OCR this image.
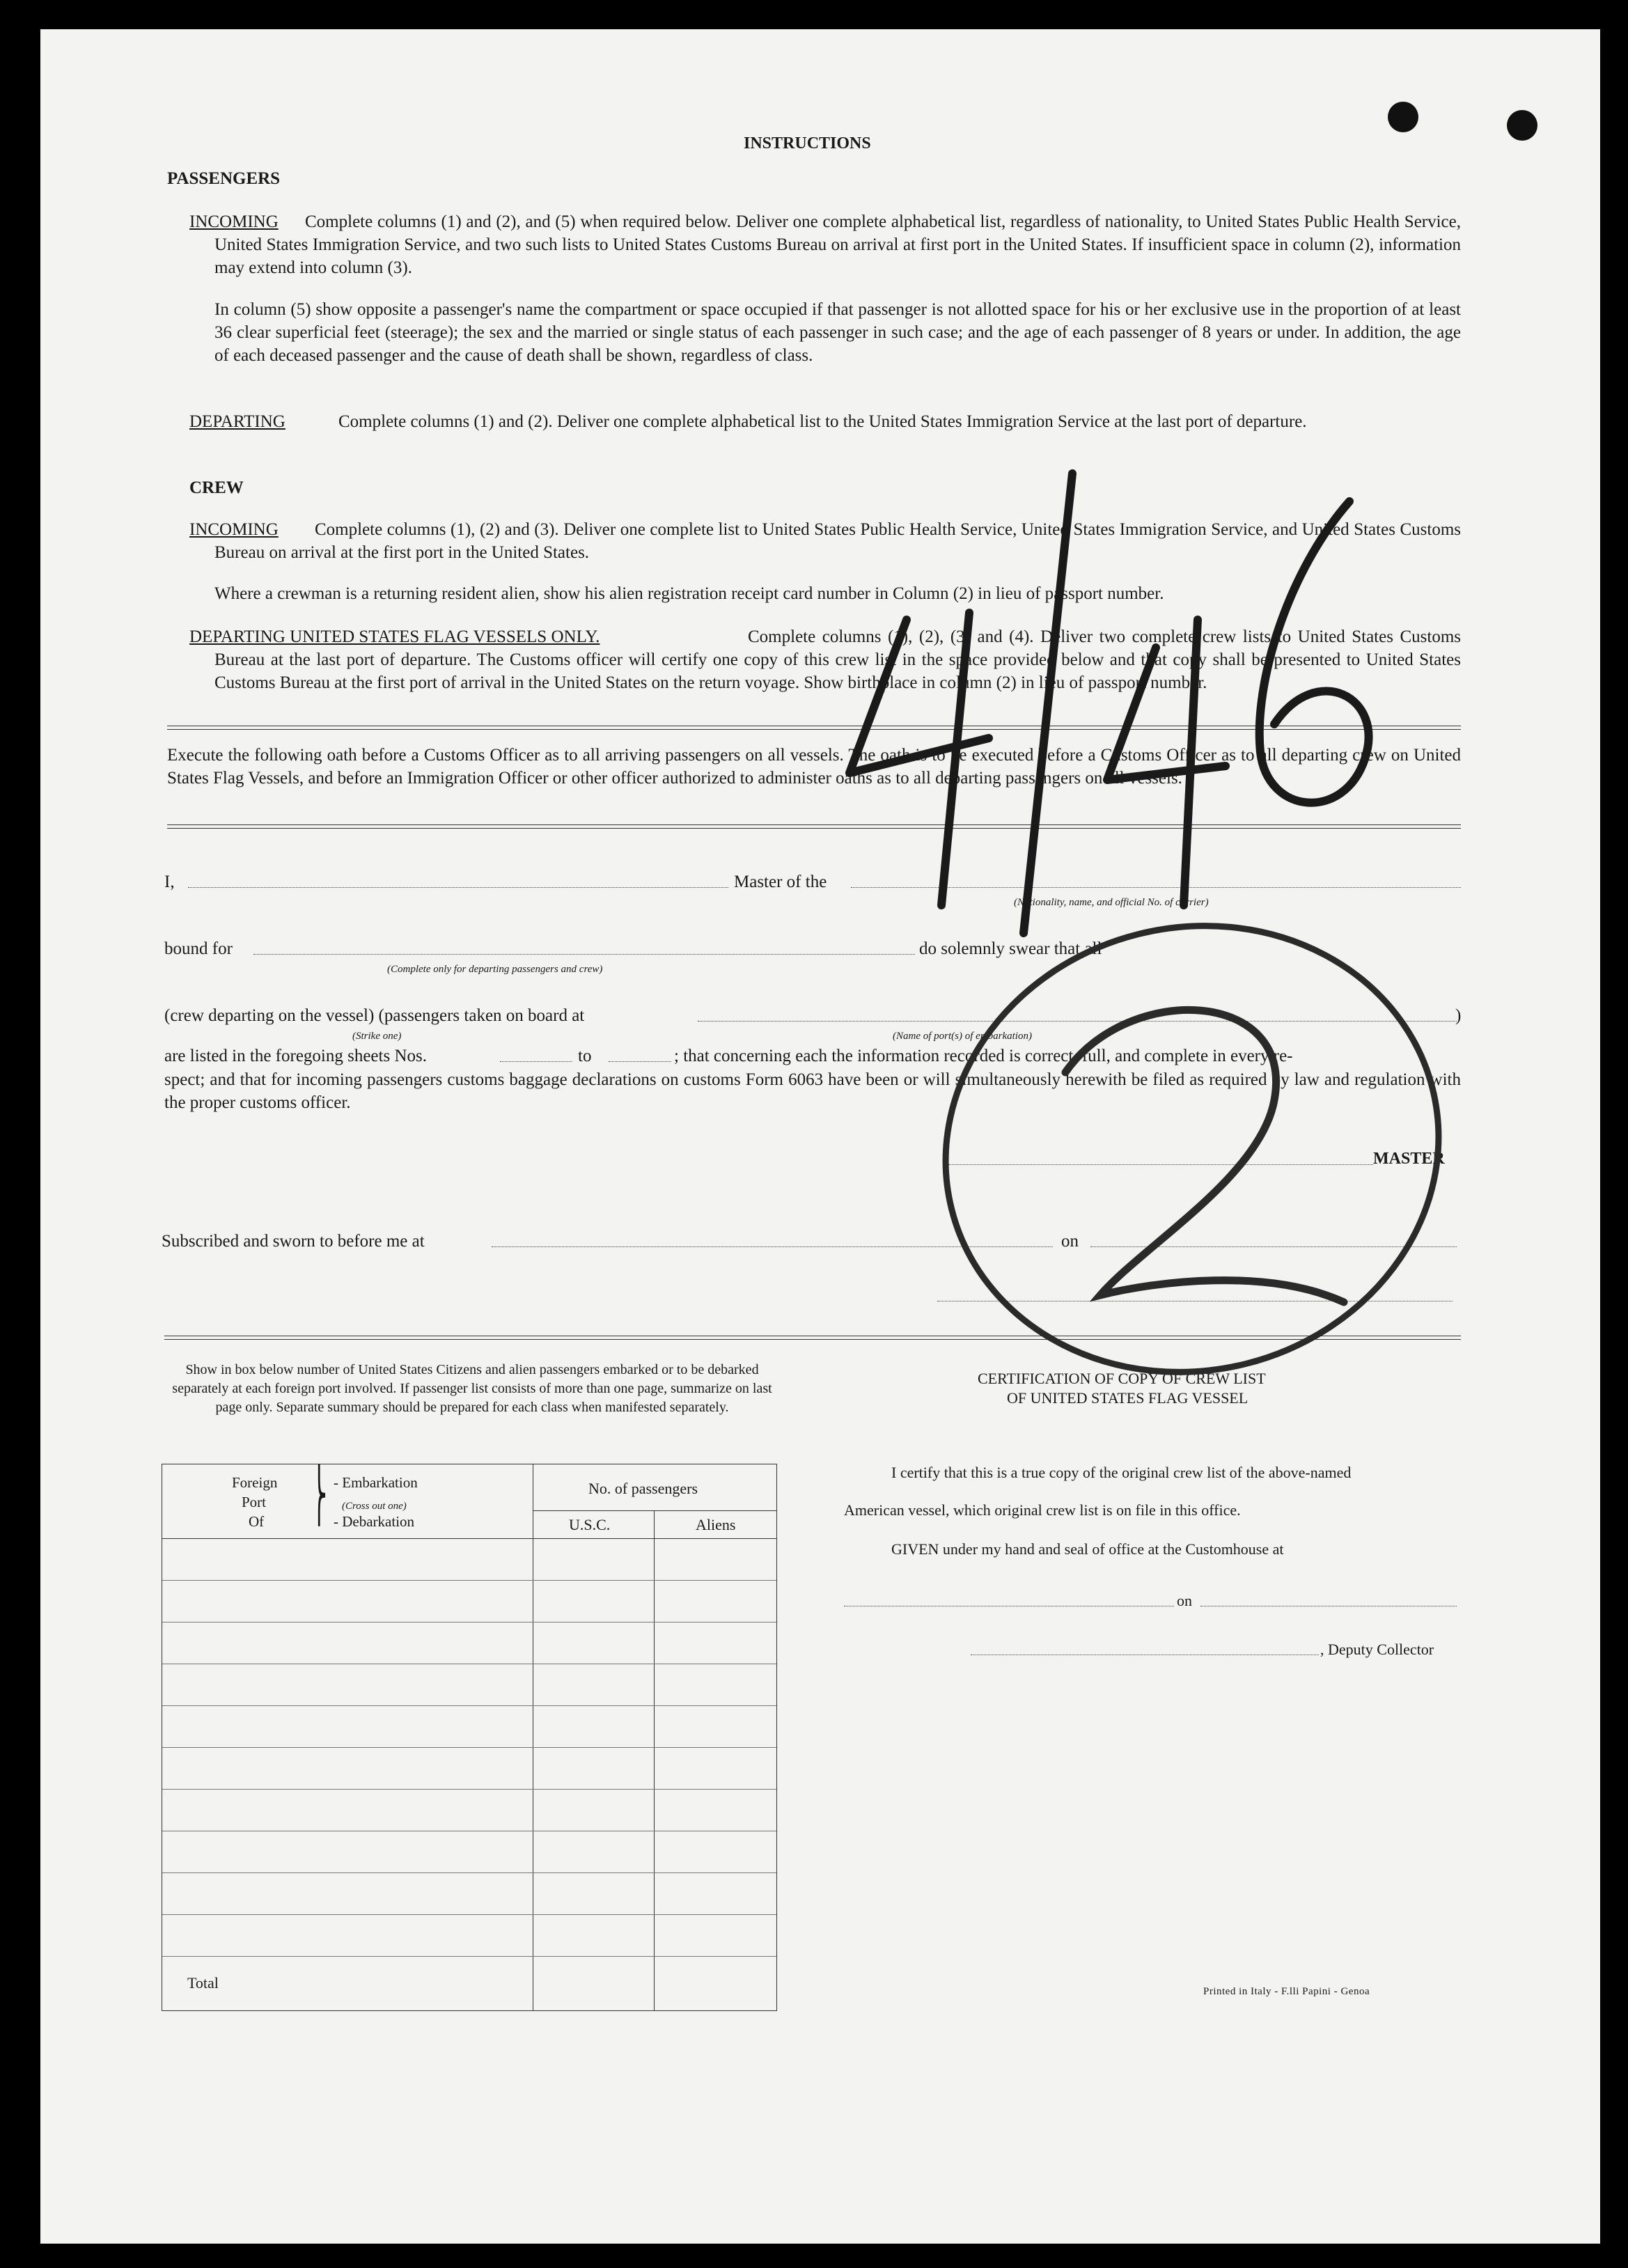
INSTRUCTIONS
PASSENGERS
INCOMING	Complete columns (1) and (2), and (5) when required below. Deliver one complete alphabetical list, regardless of nationality, to United States Public Health Service, United States Immigration Service, and two such lists to United States Customs Bureau on arrival at first port in the United States. If insufficient space in column (2), information may extend into column (3).
In column (5) show opposite a passenger's name the compartment or space occupied if that passenger is not allotted space for his or her exclusive use in the proportion of at least 36 clear superficial feet (steerage); the sex and the married or single status of each passenger in such case; and the age of each passenger of 8 years or under. In addition, the age of each deceased passenger and the cause of death shall be shown, regardless of class.
DEPARTING	Complete columns (1) and (2). Deliver one complete alphabetical list to the United States Immigration Service at the last port of departure.
CREW
INCOMING	Complete columns (1), (2) and (3). Deliver one complete list to United States Public Health Service, United States Immigration Service, and United States Customs Bureau on arrival at the first port in the United States.
Where a crewman is a returning resident alien, show his alien registration receipt card number in Column (2) in lieu of passport number.
DEPARTING UNITED STATES FLAG VESSELS ONLY.	Complete columns (1), (2), (3) and (4). Deliver two complete crew lists to United States Customs Bureau at the last port of departure. The Customs officer will certify one copy of this crew list in the space provided below and that copy shall be presented to United States Customs Bureau at the first port of arrival in the United States on the return voyage. Show birthplace in column (2) in lieu of passport number.
Execute the following oath before a Customs Officer as to all arriving passengers on all vessels. The oath is to be executed before a Customs Officer as to all departing crew on United States Flag Vessels, and before an Immigration Officer or other officer authorized to administer oaths as to all departing passengers on all vessels.
I,	Master of the
(Nationality, name, and official No. of carrier)
bound for
(Complete only for departing passengers and crew)
do solemnly swear that all
(crew departing on the vessel) (passengers taken on board at
(Strike one)	(Name of port(s) of embarkation)
)
are listed in the foregoing sheets Nos.	to	; that concerning each the information recorded is correct, full, and complete in every re-
spect; and that for incoming passengers customs baggage declarations on customs Form 6063 have been or will simultaneously herewith be filed as required by law and regulation with the proper customs officer.
MASTER
Subscribed and sworn to before me at	on
Show in box below number of United States Citizens and alien passengers embarked or to be debarked separately at each foreign port involved. If passenger list consists of more than one page, summarize on last page only. Separate summary should be prepared for each class when manifested separately.
Foreign
Port
Of ⎬ - Embarkation
(Cross out one)
- Debarkation
No. of passengers
U.S.C.	Aliens
Total
CERTIFICATION OF COPY OF CREW LIST
OF UNITED STATES FLAG VESSEL
I certify that this is a true copy of the original crew list of the above-named
American vessel, which original crew list is on file in this office.
GIVEN under my hand and seal of office at the Customhouse at
on
, Deputy Collector
Printed in Italy - F.lli Papini - Genoa
